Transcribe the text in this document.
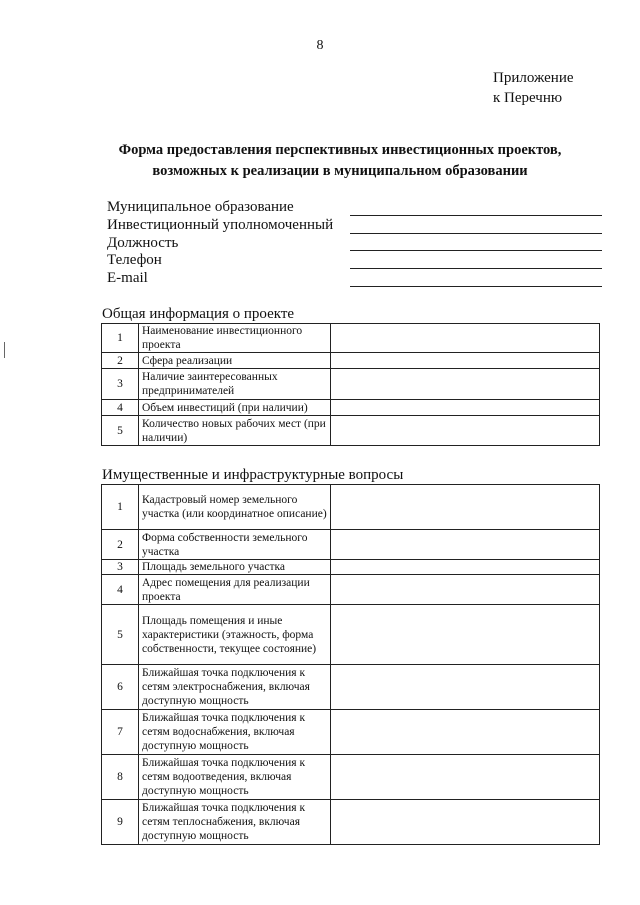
8
Приложение
к Перечню
Форма предоставления перспективных инвестиционных проектов,
возможных к реализации в муниципальном образовании
Муниципальное образование
Инвестиционный уполномоченный
Должность
Телефон
E-mail
Общая информация о проекте
1	Наименование инвестиционного проекта	
2	Сфера реализации	
3	Наличие заинтересованных предпринимателей	
4	Объем инвестиций (при наличии)	
5	Количество новых рабочих мест (при наличии)	
Имущественные и инфраструктурные вопросы
1	Кадастровый номер земельного участка (или координатное описание)	
2	Форма собственности земельного участка	
3	Площадь земельного участка	
4	Адрес помещения для реализации проекта	
5	Площадь помещения и иные характеристики (этажность, форма собственности, текущее состояние)	
6	Ближайшая точка подключения к сетям электроснабжения, включая доступную мощность	
7	Ближайшая точка подключения к сетям водоснабжения, включая доступную мощность	
8	Ближайшая точка подключения к сетям водоотведения, включая доступную мощность	
9	Ближайшая точка подключения к сетям теплоснабжения, включая доступную мощность	
